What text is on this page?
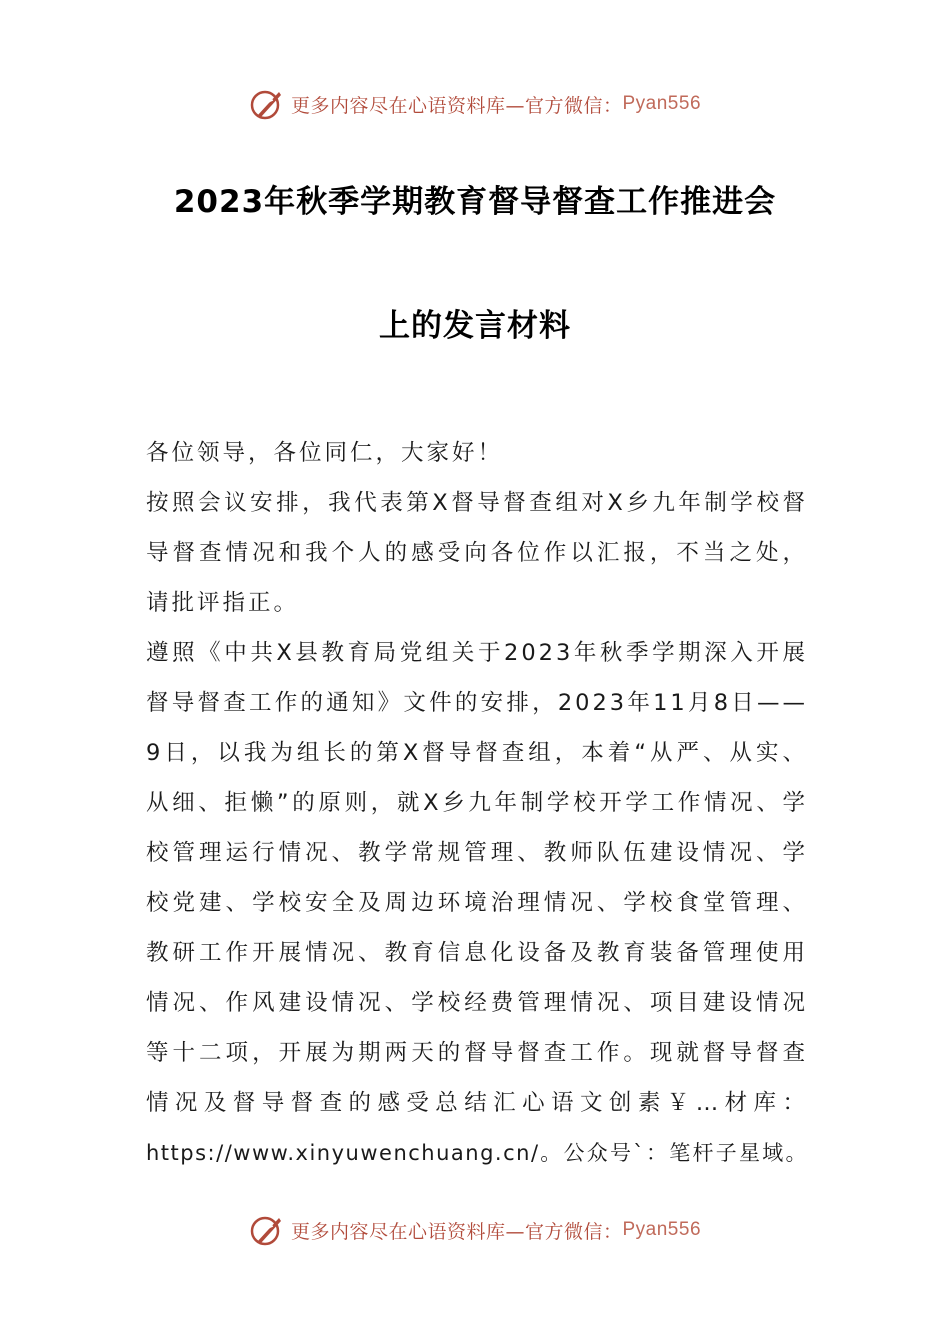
更多内容尽在心语资料库—官方微信： Pyan556
2023年秋季学期教育督导督查工作推进会
上的发言材料
各位领导，各位同仁，大家好！
按照会议安排，我代表第X督导督查组对X乡九年制学校督
导督查情况和我个人的感受向各位作以汇报，不当之处，
请批评指正。
遵照《中共X县教育局党组关于2023年秋季学期深入开展
督导督查工作的通知》文件的安排，2023年11月8日——
9日，以我为组长的第X督导督查组，本着“从严、从实、
从细、拒懒”的原则，就X乡九年制学校开学工作情况、学
校管理运行情况、教学常规管理、教师队伍建设情况、学
校党建、学校安全及周边环境治理情况、学校食堂管理、
教研工作开展情况、教育信息化设备及教育装备管理使用
情况、作风建设情况、学校经费管理情况、项目建设情况
等十二项，开展为期两天的督导督查工作。现就督导督查
情况及督导督查的感受总结汇心语文创素￥…材库：
https://www.xinyuwenchuang.cn/。公众号`：笔杆子星域。
更多内容尽在心语资料库—官方微信： Pyan556
